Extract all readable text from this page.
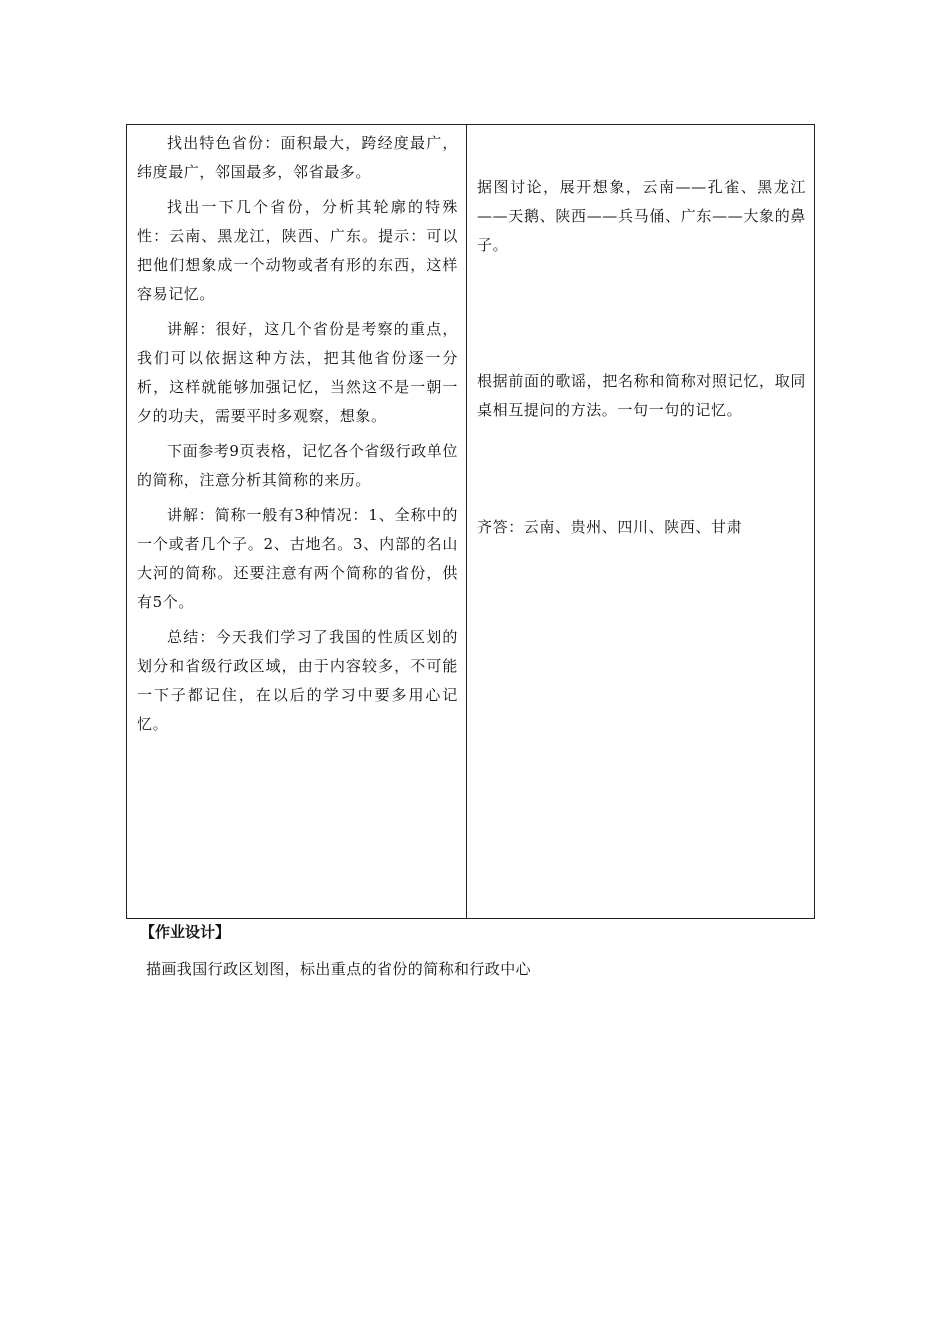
找出特色省份：面积最大，跨经度最广，纬度最广，邻国最多，邻省最多。

找出一下几个省份，分析其轮廓的特殊性：云南、黑龙江，陕西、广东。提示：可以把他们想象成一个动物或者有形的东西，这样容易记忆。

讲解：很好，这几个省份是考察的重点，我们可以依据这种方法，把其他省份逐一分析，这样就能够加强记忆，当然这不是一朝一夕的功夫，需要平时多观察，想象。

下面参考9页表格，记忆各个省级行政单位的简称，注意分析其简称的来历。

讲解：简称一般有3种情况：1、全称中的一个或者几个子。2、古地名。3、内部的名山大河的简称。还要注意有两个简称的省份，供有5个。

总结：今天我们学习了我国的性质区划的划分和省级行政区域，由于内容较多，不可能一下子都记住，在以后的学习中要多用心记忆。

据图讨论，展开想象，云南——孔雀、黑龙江——天鹅、陕西——兵马俑、广东——大象的鼻子。
根据前面的歌谣，把名称和简称对照记忆，取同桌相互提问的方法。一句一句的记忆。
齐答：云南、贵州、四川、陕西、甘肃
【作业设计】
描画我国行政区划图，标出重点的省份的简称和行政中心
